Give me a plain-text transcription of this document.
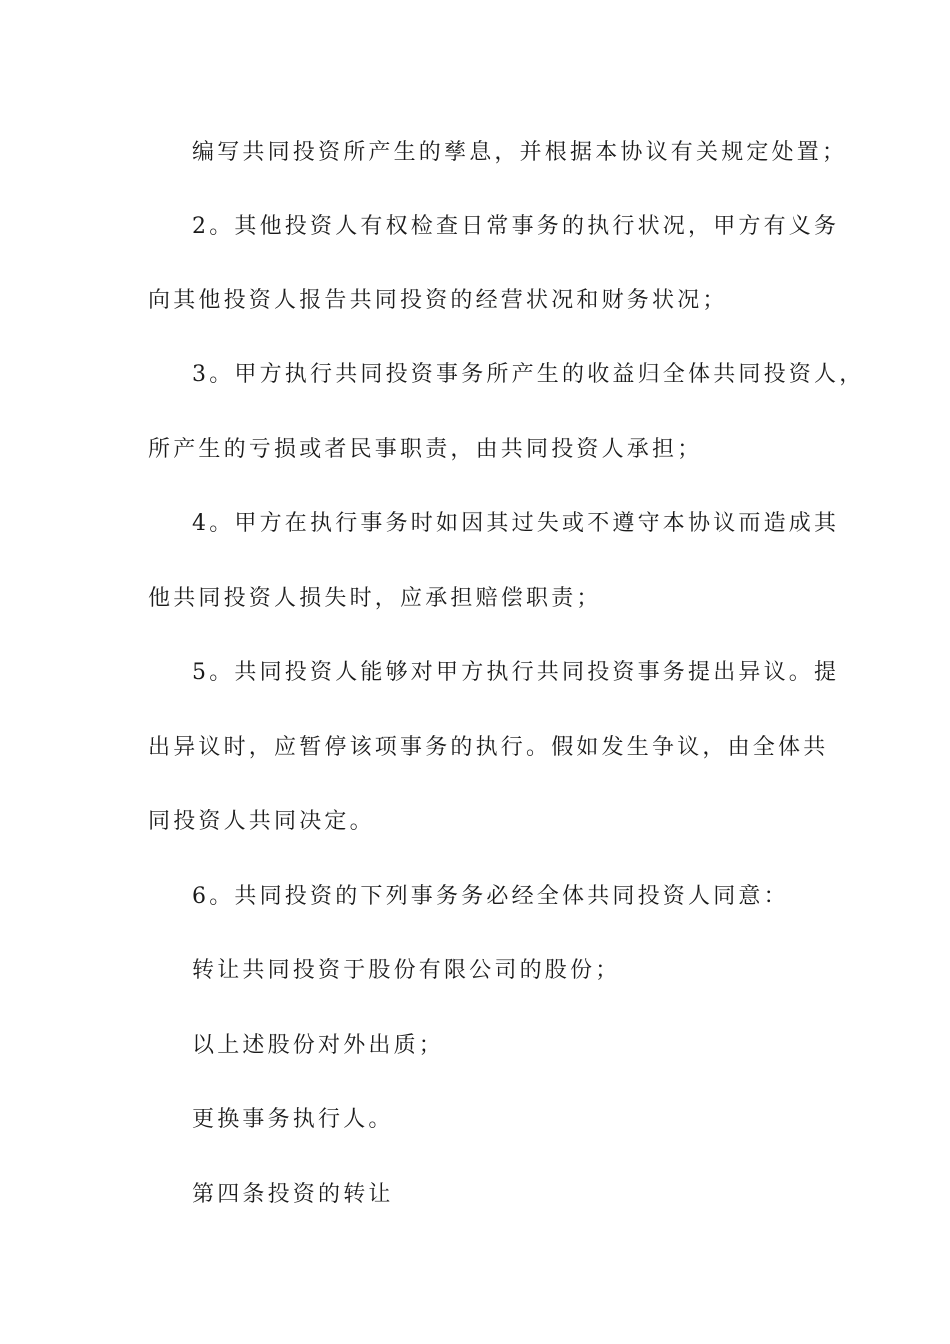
编写共同投资所产生的孳息，并根据本协议有关规定处置；
2。其他投资人有权检查日常事务的执行状况，甲方有义务
向其他投资人报告共同投资的经营状况和财务状况；
3。甲方执行共同投资事务所产生的收益归全体共同投资人，
所产生的亏损或者民事职责，由共同投资人承担；
4。甲方在执行事务时如因其过失或不遵守本协议而造成其
他共同投资人损失时，应承担赔偿职责；
5。共同投资人能够对甲方执行共同投资事务提出异议。提
出异议时，应暂停该项事务的执行。假如发生争议，由全体共
同投资人共同决定。
6。共同投资的下列事务务必经全体共同投资人同意：
转让共同投资于股份有限公司的股份；
以上述股份对外出质；
更换事务执行人。
第四条投资的转让
